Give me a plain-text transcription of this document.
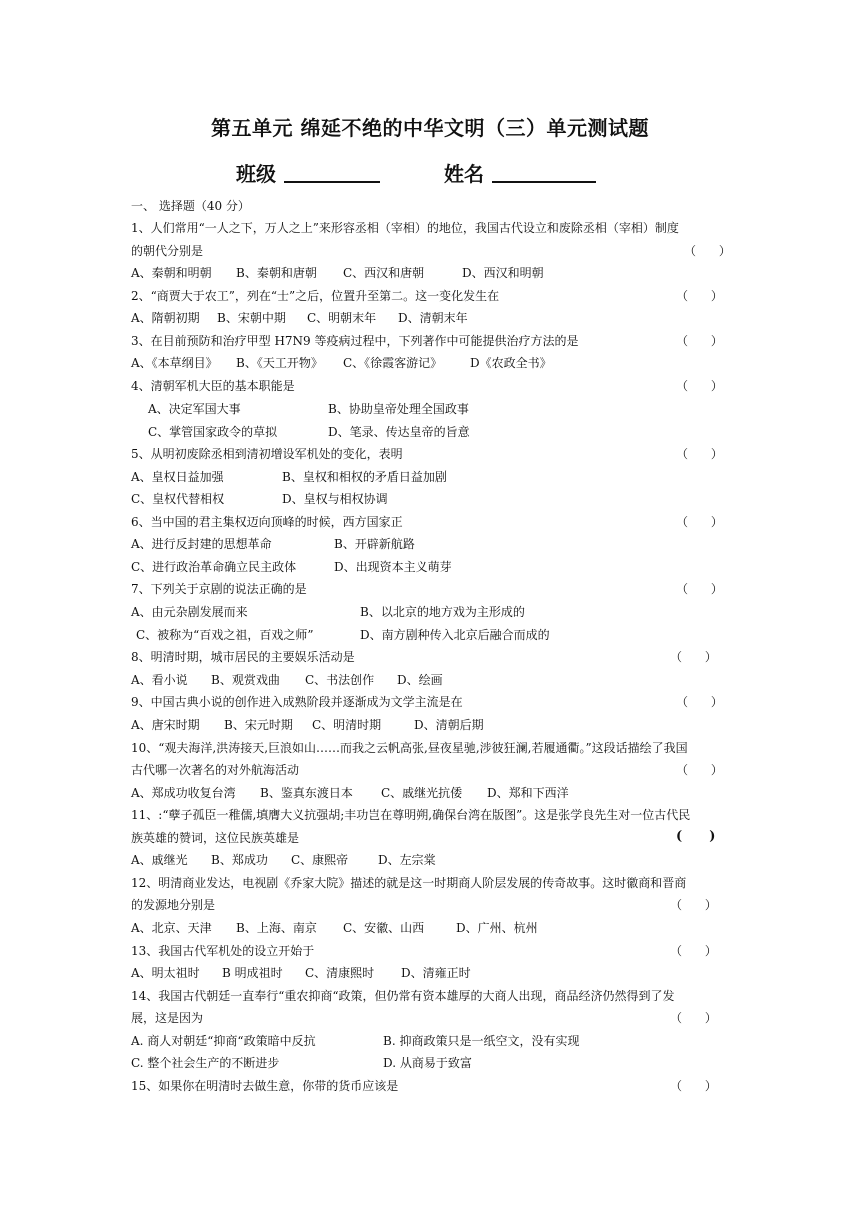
第五单元 绵延不绝的中华文明（三）单元测试题
班级	姓名
一、 选择题（40 分）
1、人们常用“一人之下，万人之上”来形容丞相（宰相）的地位，我国古代设立和废除丞相（宰相）制度
的朝代分别是	（      ）
A、秦朝和明朝 B、秦朝和唐朝 C、西汉和唐朝	D、西汉和明朝
2、“商贾大于农工”，列在“士”之后，位置升至第二。这一变化发生在	（      ）
A、隋朝初期 B、宋朝中期 C、明朝末年 D、清朝末年
3、在目前预防和治疗甲型 H7N9 等疫病过程中，下列著作中可能提供治疗方法的是	（      ）
A、《本草纲目》 B、《天工开物》 C、《徐霞客游记》 D《农政全书》
4、清朝军机大臣的基本职能是	（      ）
A、决定军国大事	B、协助皇帝处理全国政事
C、掌管国家政令的草拟	D、笔录、传达皇帝的旨意
5、从明初废除丞相到清初增设军机处的变化，表明	（      ）
A、皇权日益加强	B、皇权和相权的矛盾日益加剧
C、皇权代替相权	D、皇权与相权协调
6、当中国的君主集权迈向顶峰的时候，西方国家正	（      ）
A、进行反封建的思想革命	B、开辟新航路
C、进行政治革命确立民主政体	D、出现资本主义萌芽
7、下列关于京剧的说法正确的是	（      ）
A、由元杂剧发展而来	B、以北京的地方戏为主形成的
C、被称为“百戏之祖，百戏之师”	D、南方剧种传入北京后融合而成的
8、明清时期，城市居民的主要娱乐活动是	（      ）
A、看小说 B、观赏戏曲 C、书法创作 D、绘画
9、中国古典小说的创作进入成熟阶段并逐渐成为文学主流是在	（      ）
A、唐宋时期 B、宋元时期 C、明清时期	D、清朝后期
10、“观夫海洋,洪涛接天,巨浪如山……而我之云帆高张,昼夜星驰,涉彼狂澜,若履通衢。”这段话描绘了我国
古代哪一次著名的对外航海活动	（      ）
A、郑成功收复台湾 B、鉴真东渡日本 C、戚继光抗倭 D、郑和下西洋
11、:“孽子孤臣一稚儒,填膺大义抗强胡;丰功岂在尊明朔,确保台湾在版图”。这是张学良先生对一位古代民
族英雄的赞词，这位民族英雄是	(      )
A、戚继光 B、郑成功 C、康熙帝 D、左宗棠
12、明清商业发达，电视剧《乔家大院》描述的就是这一时期商人阶层发展的传奇故事。这时徽商和晋商
的发源地分别是	（      ）
A、北京、天津 B、上海、南京 C、安徽、山西	D、广州、杭州
13、我国古代军机处的设立开始于	（      ）
A、明太祖时 B 明成祖时 C、清康熙时 D、清雍正时
14、我国古代朝廷一直奉行“重农抑商“政策，但仍常有资本雄厚的大商人出现，商品经济仍然得到了发
展，这是因为	（      ）
A. 商人对朝廷“抑商“政策暗中反抗	B. 抑商政策只是一纸空文，没有实现
C. 整个社会生产的不断进步	D. 从商易于致富
15、如果你在明清时去做生意，你带的货币应该是	（      ）
